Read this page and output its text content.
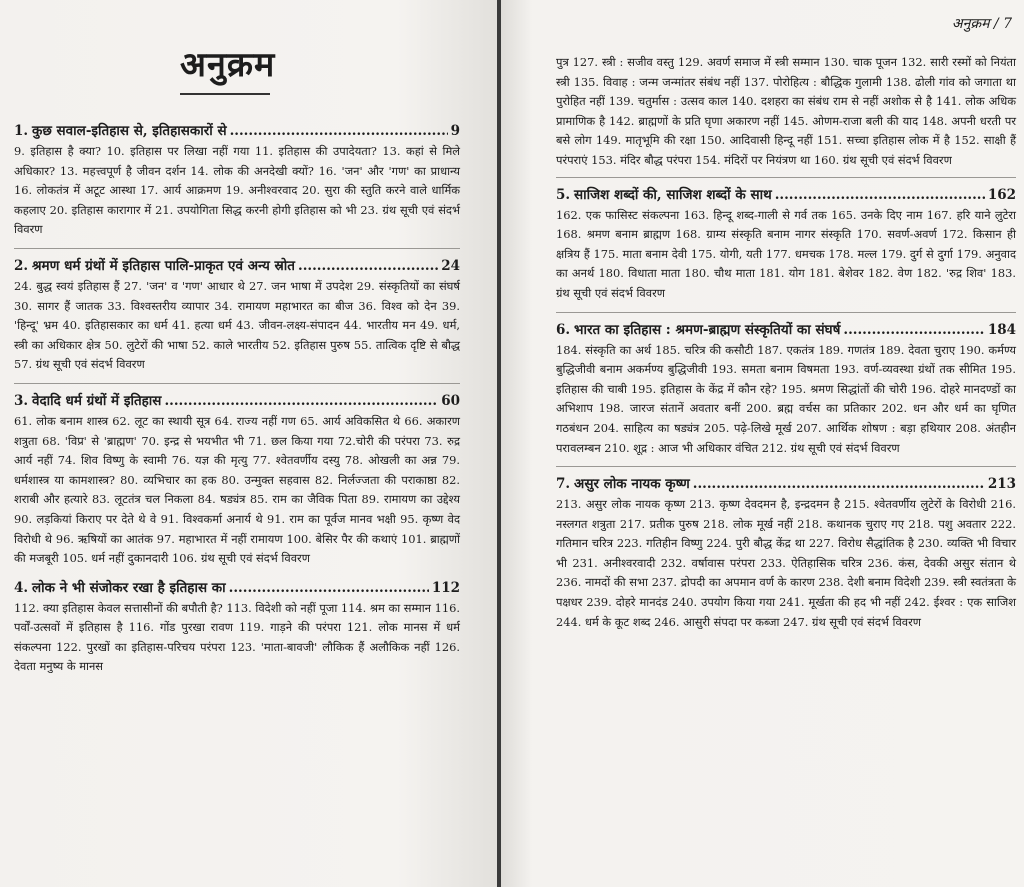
अनुक्रम
1. कुछ सवाल-इतिहास से, इतिहासकारों से .....	9
9. इतिहास है क्या? 10. इतिहास पर लिखा नहीं गया 11. इतिहास की उपादेयता? 13. कहां से मिले अधिकार? 13. महत्त्वपूर्ण है जीवन दर्शन 14. लोक की अनदेखी क्यों? 16. 'जन' और 'गण' का प्राधान्य 16. लोकतंत्र में अटूट आस्था 17. आर्य आक्रमण 19. अनीश्वरवाद 20. सुरा की स्तुति करने वाले धार्मिक कहलाए 20. इतिहास कारागार में 21. उपयोगिता सिद्ध करनी होगी इतिहास को भी 23. ग्रंथ सूची एवं संदर्भ विवरण
2. श्रमण धर्म ग्रंथों में इतिहास पालि-प्राकृत एवं अन्य स्रोत .....	24
24. बुद्ध स्वयं इतिहास हैं 27. 'जन' व 'गण' आधार थे 27. जन भाषा में उपदेश 29. संस्कृतियों का संघर्ष 30. सागर हैं जातक 33. विश्वस्तरीय व्यापार 34. रामायण महाभारत का बीज 36. विश्व को देन 39. 'हिन्दू' भ्रम 40. इतिहासकार का धर्म 41. हत्या धर्म 43. जीवन-लक्ष्य-संपादन 44. भारतीय मन 49. धर्म, स्त्री का अधिकार क्षेत्र 50. लुटेरों की भाषा 52. काले भारतीय 52. इतिहास पुरुष 55. तात्विक दृष्टि से बौद्ध 57. ग्रंथ सूची एवं संदर्भ विवरण
3. वेदादि धर्म ग्रंथों में इतिहास .....	60
61. लोक बनाम शास्त्र 62. लूट का स्थायी सूत्र 64. राज्य नहीं गण 65. आर्य अविकसित थे 66. अकारण शत्रुता 68. 'विप्र' से 'ब्राह्मण' 70. इन्द्र से भयभीत भी 71. छल किया गया 72.चोरी की परंपरा 73. रुद्र आर्य नहीं 74. शिव विष्णु के स्वामी 76. यज्ञ की मृत्यु 77. श्वेतवर्णीय दस्यु 78. ओखली का अन्न 79. धर्मशास्त्र या कामशास्त्र? 80. व्यभिचार का हक 80. उन्मुक्त सहवास 82. निर्लज्जता की पराकाष्ठा 82. शराबी और हत्यारे 83. लूटतंत्र चल निकला 84. षड्यंत्र 85. राम का जैविक पिता 89. रामायण का उद्देश्य 90. लड़कियां किराए पर देते थे वे 91. विश्वकर्मा अनार्य थे 91. राम का पूर्वज मानव भक्षी 95. कृष्ण वेद विरोधी थे 96. ऋषियों का आतंक 97. महाभारत में नहीं रामायण 100. बेसिर पैर की कथाएं 101. ब्राह्मणों की मजबूरी 105. धर्म नहीं दुकानदारी 106. ग्रंथ सूची एवं संदर्भ विवरण
4. लोक ने भी संजोकर रखा है इतिहास का .....	112
112. क्या इतिहास केवल सत्तासीनों की बपौती है? 113. विदेशी को नहीं पूजा 114. श्रम का सम्मान 116. पर्वों-उत्सवों में इतिहास है 116. गोंड पुरखा रावण 119. गाड़ने की परंपरा 121. लोक मानस में धर्म संकल्पना 122. पुरखों का इतिहास-परिचय परंपरा 123. 'माता-बावजी' लौकिक हैं अलौकिक नहीं 126. देवता मनुष्य के मानस
अनुक्रम / 7
पुत्र 127. स्त्री : सजीव वस्तु 129. अवर्ण समाज में स्त्री सम्मान 130. चाक पूजन 132. सारी रस्मों को नियंता स्त्री 135. विवाह : जन्म जन्मांतर संबंध नहीं 137. पोरोहित्य : बौद्धिक गुलामी 138. ढोली गांव को जगाता था पुरोहित नहीं 139. चतुर्मास : उत्सव काल 140. दशहरा का संबंध राम से नहीं अशोक से है 141. लोक अधिक प्रामाणिक है 142. ब्राह्मणों के प्रति घृणा अकारण नहीं 145. ओणम-राजा बली की याद 148. अपनी धरती पर बसे लोग 149. मातृभूमि की रक्षा 150. आदिवासी हिन्दू नहीं 151. सच्चा इतिहास लोक में है 152. साक्षी हैं परंपराएं 153. मंदिर बौद्ध परंपरा 154. मंदिरों पर नियंत्रण था 160. ग्रंथ सूची एवं संदर्भ विवरण
5. साजिश शब्दों की, साजिश शब्दों के साथ .....	162
162. एक फासिस्ट संकल्पना 163. हिन्दू शब्द-गाली से गर्व तक 165. उनके दिए नाम 167. हरि याने लुटेरा 168. श्रमण बनाम ब्राह्मण 168. ग्राम्य संस्कृति बनाम नागर संस्कृति 170. सवर्ण-अवर्ण 172. किसान ही क्षत्रिय हैं 175. माता बनाम देवी 175. योगी, यती 177. धमचक 178. मल्ल 179. दुर्ग से दुर्गा 179. अनुवाद का अनर्थ 180. विधाता माता 180. चौथ माता 181. योग 181. बेशेवर 182. वेण 182. 'रुद्र शिव' 183. ग्रंथ सूची एवं संदर्भ विवरण
6. भारत का इतिहास : श्रमण-ब्राह्मण संस्कृतियों का संघर्ष .....	184
184. संस्कृति का अर्थ 185. चरित्र की कसौटी 187. एकतंत्र 189. गणतंत्र 189. देवता चुराए 190. कर्मण्य बुद्धिजीवी बनाम अकर्मण्य बुद्धिजीवी 193. समता बनाम विषमता 193. वर्ण-व्यवस्था ग्रंथों तक सीमित 195. इतिहास की चाबी 195. इतिहास के केंद्र में कौन रहे? 195. श्रमण सिद्धांतों की चोरी 196. दोहरे मानदण्डों का अभिशाप 198. जारज संतानें अवतार बनीं 200. ब्रह्म वर्चस का प्रतिकार 202. धन और धर्म का घृणित गठबंधन 204. साहित्य का षड्यंत्र 205. पढ़े-लिखे मूर्ख 207. आर्थिक शोषण : बड़ा हथियार 208. अंतहीन परावलम्बन 210. शूद्र : आज भी अधिकार वंचित 212. ग्रंथ सूची एवं संदर्भ विवरण
7. असुर लोक नायक कृष्ण .....	213
213. असुर लोक नायक कृष्ण 213. कृष्ण देवदमन है, इन्द्रदमन है 215. श्वेतवर्णीय लुटेरों के विरोधी 216. नस्लगत शत्रुता 217. प्रतीक पुरुष 218. लोक मूर्ख नहीं 218. कथानक चुराए गए 218. पशु अवतार 222. गतिमान चरित्र 223. गतिहीन विष्णु 224. पुरी बौद्ध केंद्र था 227. विरोध सैद्धांतिक है 230. व्यक्ति भी विचार भी 231. अनीश्वरवादी 232. वर्षावास परंपरा 233. ऐतिहासिक चरित्र 236. कंस, देवकी असुर संतान थे 236. नामदों की सभा 237. द्रोपदी का अपमान वर्ण के कारण 238. देशी बनाम विदेशी 239. स्त्री स्वतंत्रता के पक्षधर 239. दोहरे मानदंड 240. उपयोग किया गया 241. मूर्खता की हद भी नहीं 242. ईश्वर : एक साजिश 244. धर्म के कूट शब्द 246. आसुरी संपदा पर कब्जा 247. ग्रंथ सूची एवं संदर्भ विवरण
